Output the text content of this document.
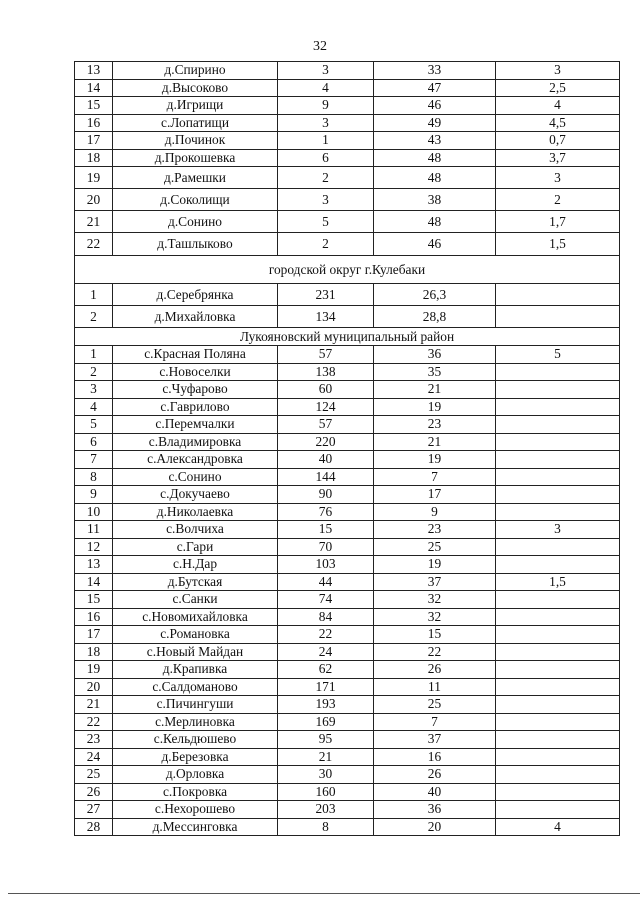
32
13	д.Спирино	3	33	3
14	д.Высоково	4	47	2,5
15	д.Игрищи	9	46	4
16	с.Лопатищи	3	49	4,5
17	д.Починок	1	43	0,7
18	д.Прокошевка	6	48	3,7
19	д.Рамешки	2	48	3
20	д.Соколищи	3	38	2
21	д.Сонино	5	48	1,7
22	д.Ташлыково	2	46	1,5
городской округ г.Кулебаки				
1	д.Серебрянка	231	26,3	
2	д.Михайловка	134	28,8	
Лукояновский муниципальный район				
1	с.Красная Поляна	57	36	5
2	с.Новоселки	138	35	
3	с.Чуфарово	60	21	
4	с.Гаврилово	124	19	
5	с.Перемчалки	57	23	
6	с.Владимировка	220	21	
7	с.Александровка	40	19	
8	с.Сонино	144	7	
9	с.Докучаево	90	17	
10	д.Николаевка	76	9	
11	с.Волчиха	15	23	3
12	с.Гари	70	25	
13	с.Н.Дар	103	19	
14	д.Бутская	44	37	1,5
15	с.Санки	74	32	
16	с.Новомихайловка	84	32	
17	с.Романовка	22	15	
18	с.Новый Майдан	24	22	
19	д.Крапивка	62	26	
20	с.Салдоманово	171	11	
21	с.Пичингуши	193	25	
22	с.Мерлиновка	169	7	
23	с.Кельдюшево	95	37	
24	д.Березовка	21	16	
25	д.Орловка	30	26	
26	с.Покровка	160	40	
27	с.Нехорошево	203	36	
28	д.Мессинговка	8	20	4
